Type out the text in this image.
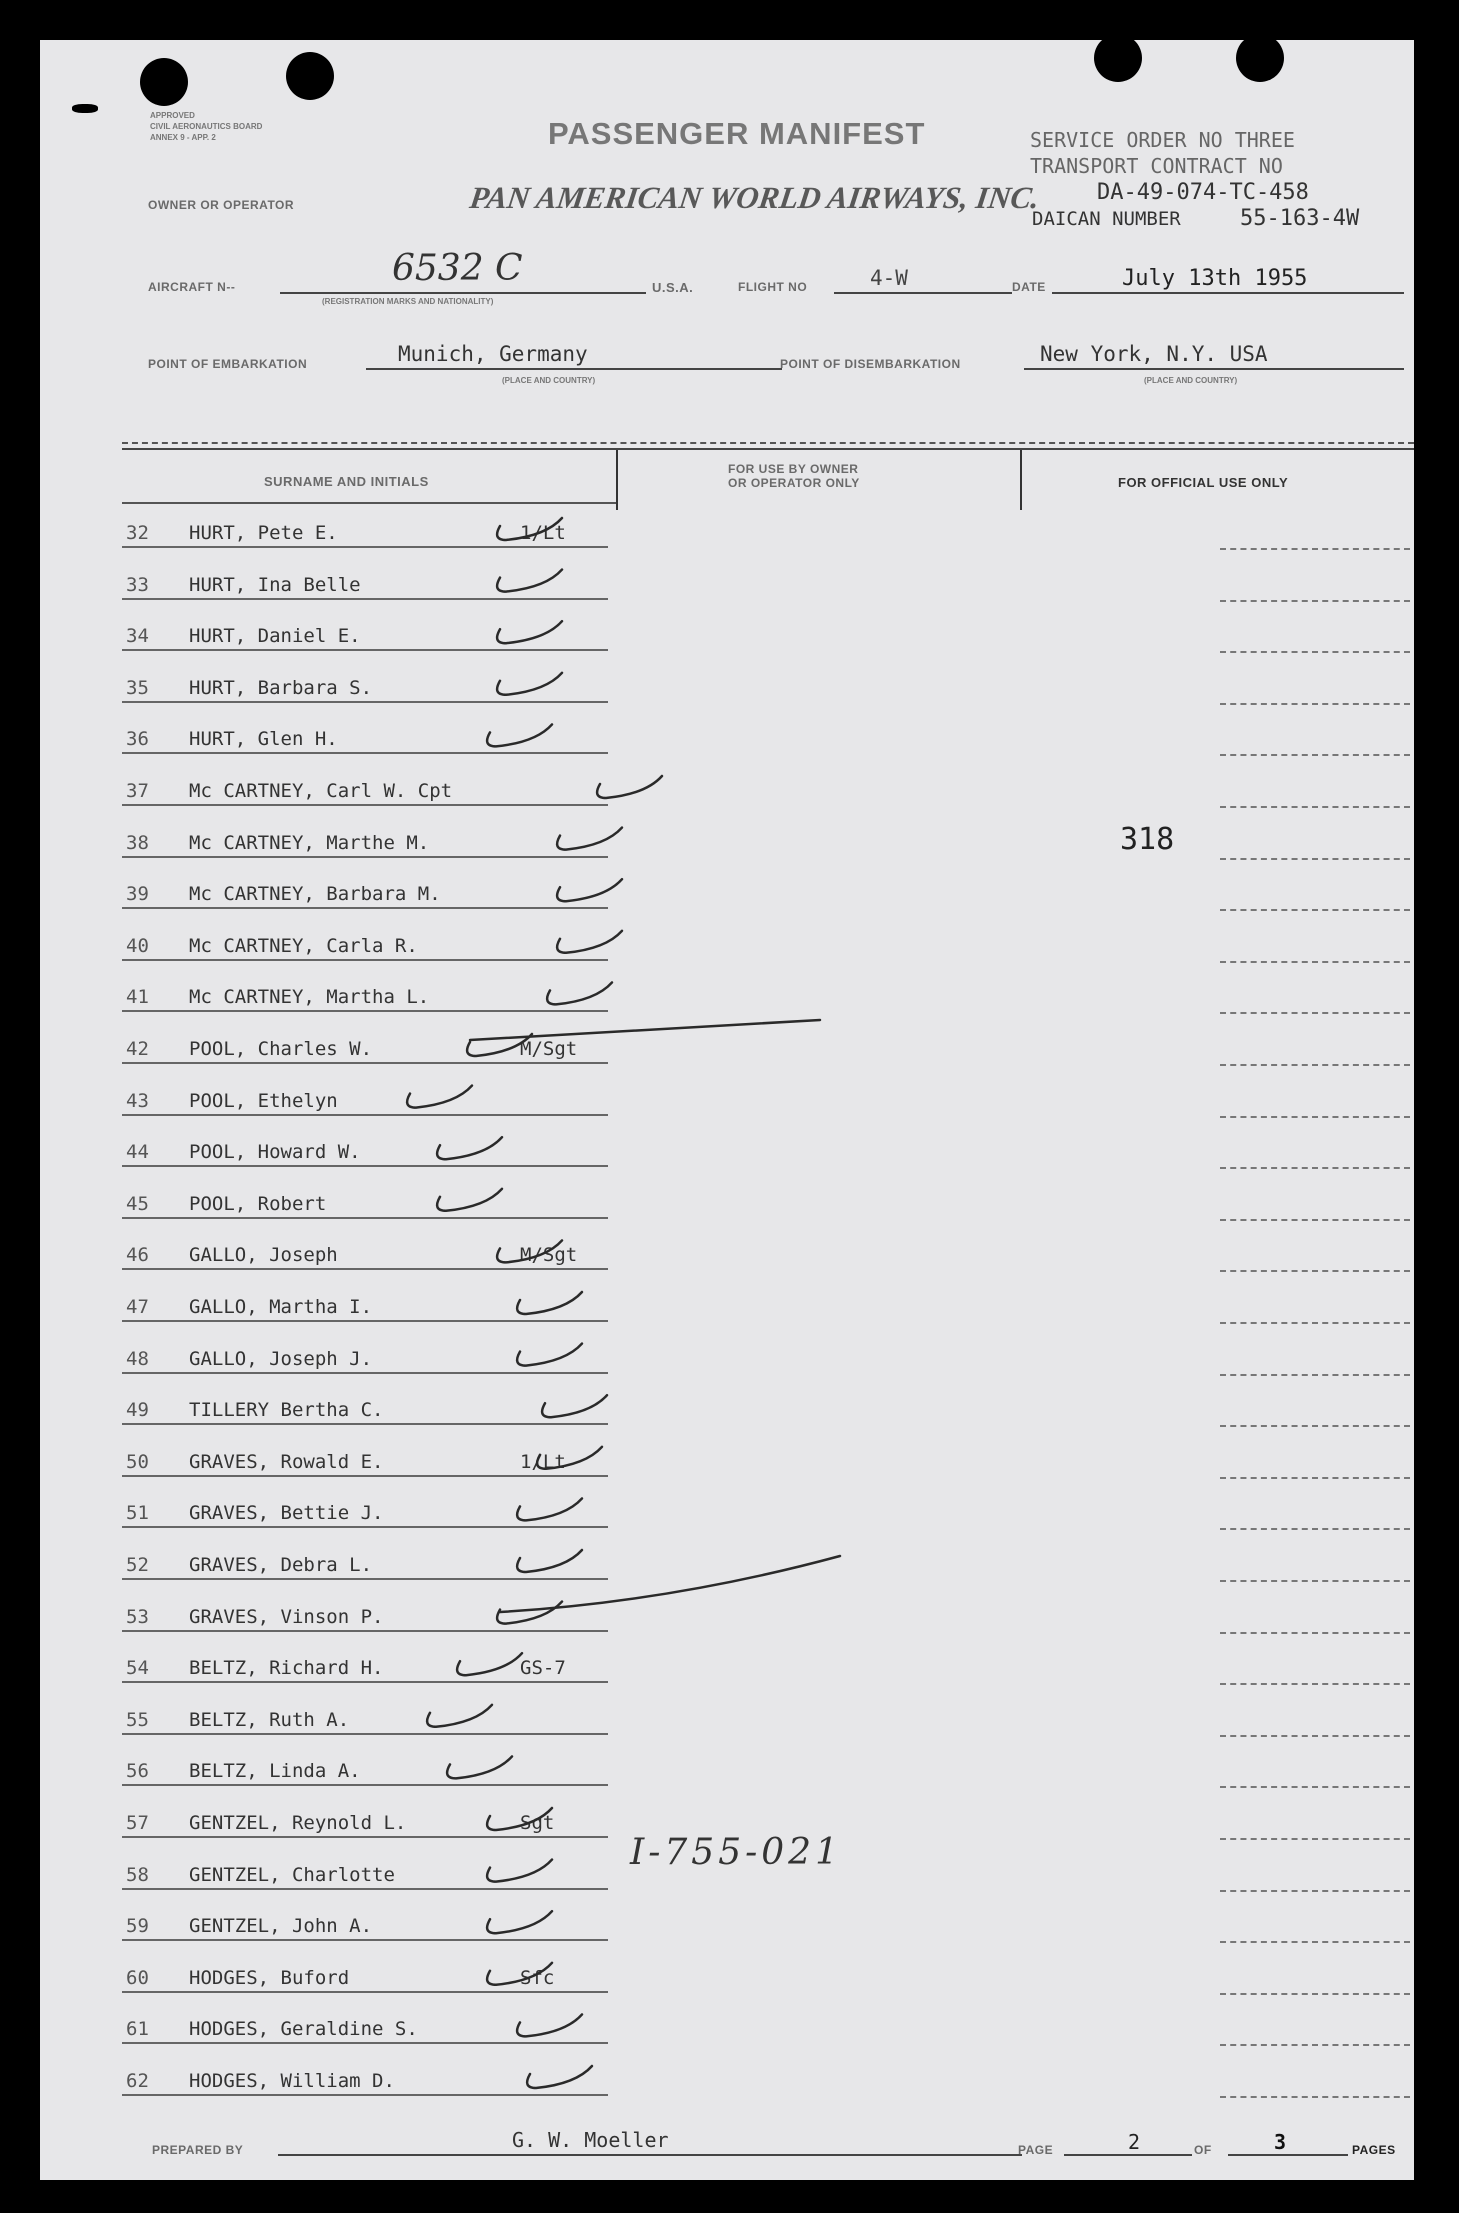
APPROVED
CIVIL AERONAUTICS BOARD
ANNEX 9 - APP. 2	PASSENGER MANIFEST
OWNER OR OPERATOR	PAN AMERICAN WORLD AIRWAYS, INC.
SERVICE ORDER NO THREE
TRANSPORT CONTRACT NO
DA-49-074-TC-458
DAICAN NUMBER	55-163-4W
AIRCRAFT N--	6532 C
(REGISTRATION MARKS AND NATIONALITY)
U.S.A.	FLIGHT NO	4-W	DATE	July 13th 1955
POINT OF EMBARKATION	Munich, Germany
(PLACE AND COUNTRY)
POINT OF DISEMBARKATION	New York, N.Y. USA
(PLACE AND COUNTRY)
SURNAME AND INITIALS
FOR USE BY OWNER
OR OPERATOR ONLY	FOR OFFICIAL USE ONLY
32 HURT, Pete E.	1/Lt
33 HURT, Ina Belle
34 HURT, Daniel E.
35 HURT, Barbara S.
36 HURT, Glen H.
37 Mc CARTNEY, Carl W. Cpt
38 Mc CARTNEY, Marthe M.
39 Mc CARTNEY, Barbara M.
40 Mc CARTNEY, Carla R.
41 Mc CARTNEY, Martha L.
42 POOL, Charles W.	M/Sgt
43 POOL, Ethelyn
44 POOL, Howard W.
45 POOL, Robert
46 GALLO, Joseph	M/Sgt
47 GALLO, Martha I.
48 GALLO, Joseph J.
49 TILLERY Bertha C.
50 GRAVES, Rowald E.	1/Lt
51 GRAVES, Bettie J.
52 GRAVES, Debra L.
53 GRAVES, Vinson P.
54 BELTZ, Richard H.	GS-7
55 BELTZ, Ruth A.
56 BELTZ, Linda A.
57 GENTZEL, Reynold L.	Sgt
58 GENTZEL, Charlotte
59 GENTZEL, John A.
60 HODGES, Buford	Sfc
61 HODGES, Geraldine S.
62 HODGES, William D.
318
I-755-021
PREPARED BY	G. W. Moeller	PAGE	2	OF	3	PAGES
